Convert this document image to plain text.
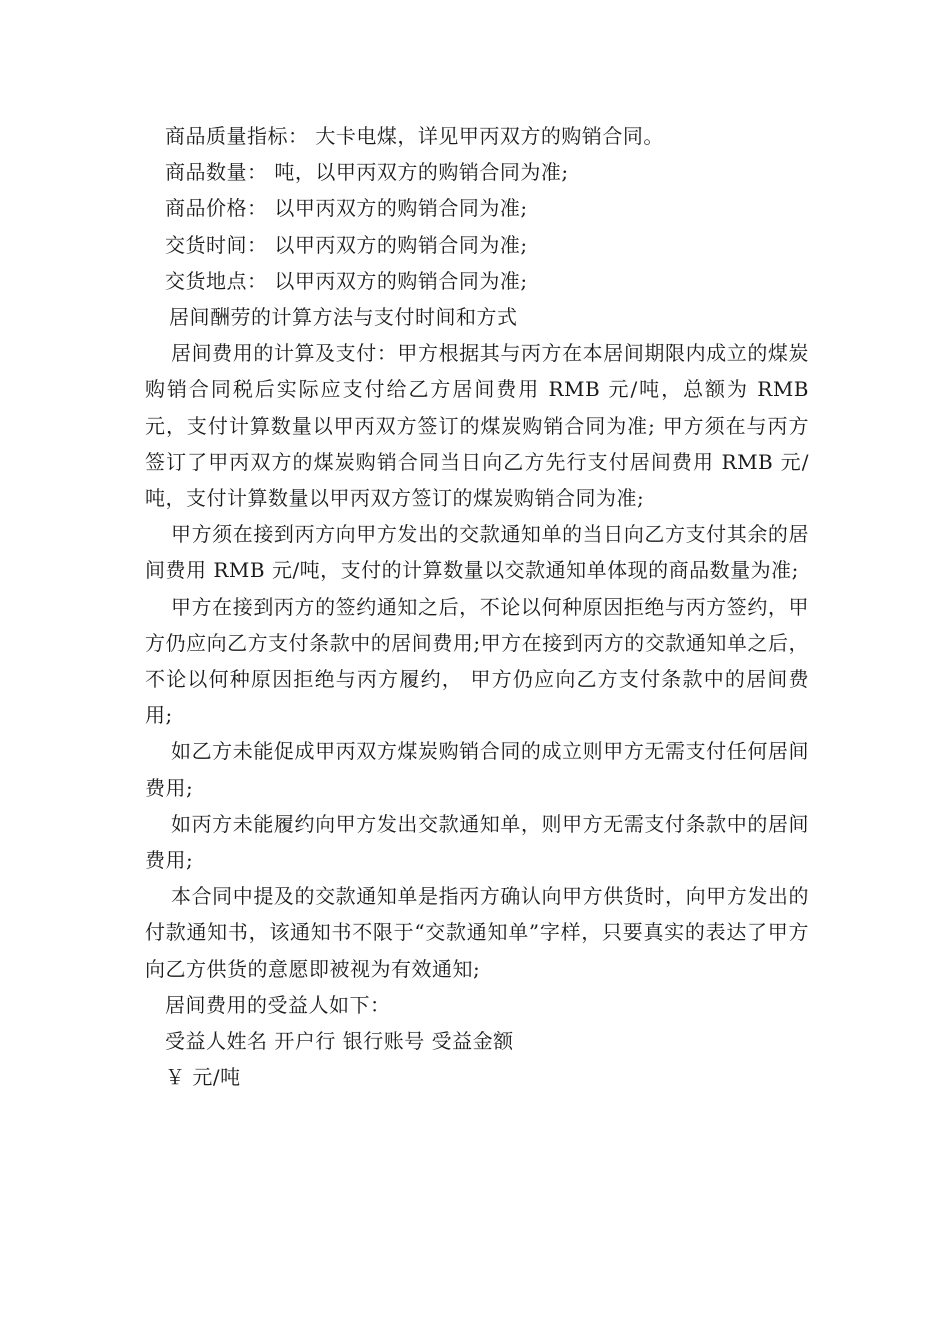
商品质量指标： 大卡电煤，详见甲丙双方的购销合同。

商品数量： 吨，以甲丙双方的购销合同为准;

商品价格： 以甲丙双方的购销合同为准;

交货时间： 以甲丙双方的购销合同为准;

交货地点： 以甲丙双方的购销合同为准;

居间酬劳的计算方法与支付时间和方式

居间费用的计算及支付：甲方根据其与丙方在本居间期限内成立的煤炭购销合同税后实际应支付给乙方居间费用 RMB 元/吨，总额为 RMB 元，支付计算数量以甲丙双方签订的煤炭购销合同为准; 甲方须在与丙方签订了甲丙双方的煤炭购销合同当日向乙方先行支付居间费用 RMB 元/吨，支付计算数量以甲丙双方签订的煤炭购销合同为准;

甲方须在接到丙方向甲方发出的交款通知单的当日向乙方支付其余的居间费用 RMB 元/吨，支付的计算数量以交款通知单体现的商品数量为准;

甲方在接到丙方的签约通知之后，不论以何种原因拒绝与丙方签约，甲方仍应向乙方支付条款中的居间费用;甲方在接到丙方的交款通知单之后，不论以何种原因拒绝与丙方履约， 甲方仍应向乙方支付条款中的居间费用;

如乙方未能促成甲丙双方煤炭购销合同的成立则甲方无需支付任何居间费用;

如丙方未能履约向甲方发出交款通知单，则甲方无需支付条款中的居间费用;

本合同中提及的交款通知单是指丙方确认向甲方供货时，向甲方发出的付款通知书，该通知书不限于“交款通知单”字样，只要真实的表达了甲方向乙方供货的意愿即被视为有效通知;

居间费用的受益人如下：

受益人姓名 开户行 银行账号 受益金额

￥ 元/吨
